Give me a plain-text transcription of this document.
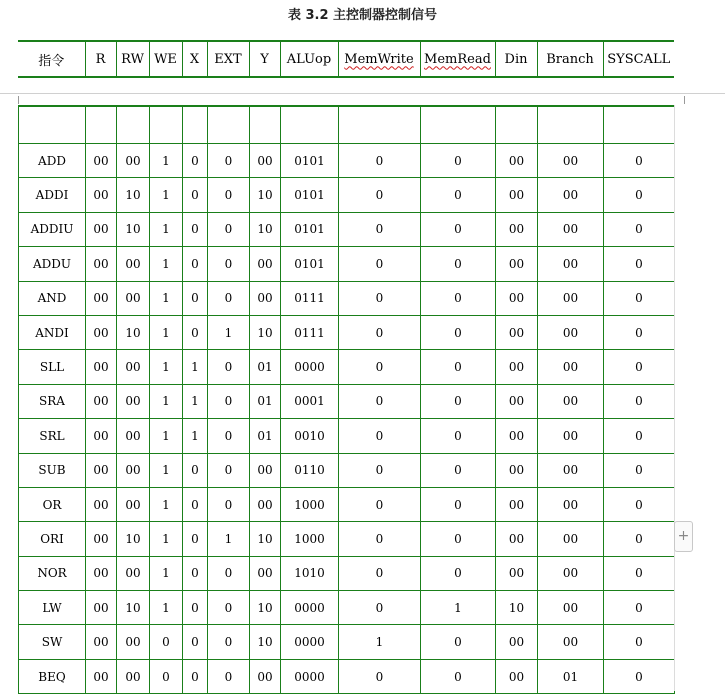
表 3.2 主控制器控制信号
指令	R	RW	WE	X	EXT	Y	ALUop	MemWrite	MemRead	Din	Branch	SYSCALL

ADD	00	00	1	0	0	00	0101	0	0	00	00	0
ADDI	00	10	1	0	0	10	0101	0	0	00	00	0
ADDIU	00	10	1	0	0	10	0101	0	0	00	00	0
ADDU	00	00	1	0	0	00	0101	0	0	00	00	0
AND	00	00	1	0	0	00	0111	0	0	00	00	0
ANDI	00	10	1	0	1	10	0111	0	0	00	00	0
SLL	00	00	1	1	0	01	0000	0	0	00	00	0
SRA	00	00	1	1	0	01	0001	0	0	00	00	0
SRL	00	00	1	1	0	01	0010	0	0	00	00	0
SUB	00	00	1	0	0	00	0110	0	0	00	00	0
OR	00	00	1	0	0	00	1000	0	0	00	00	0
ORI	00	10	1	0	1	10	1000	0	0	00	00	0
NOR	00	00	1	0	0	00	1010	0	0	00	00	0
LW	00	10	1	0	0	10	0000	0	1	10	00	0
SW	00	00	0	0	0	10	0000	1	0	00	00	0
BEQ	00	00	0	0	0	00	0000	0	0	00	01	0
+
